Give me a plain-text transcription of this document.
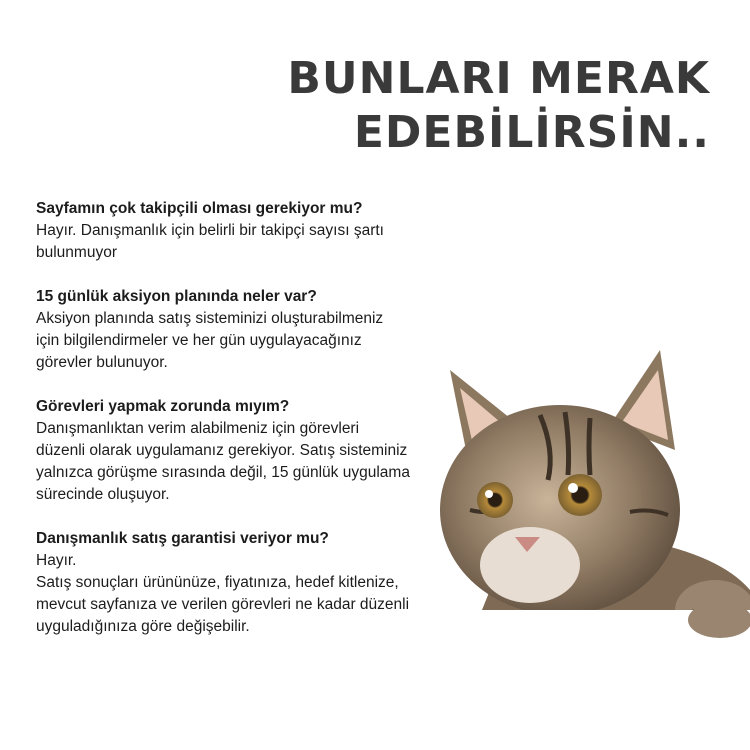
BUNLARI MERAK
EDEBİLİRSİN..

Sayfamın çok takipçili olması gerekiyor mu?

Hayır. Danışmanlık için belirli bir takipçi sayısı şartı

bulunmuyor

15 günlük aksiyon planında neler var?

Aksiyon planında satış sisteminizi oluşturabilmeniz

için bilgilendirmeler ve her gün uygulayacağınız

görevler bulunuyor.

Görevleri yapmak zorunda mıyım?

Danışmanlıktan verim alabilmeniz için görevleri

düzenli olarak uygulamanız gerekiyor. Satış sisteminiz

yalnızca görüşme sırasında değil, 15 günlük uygulama

sürecinde oluşuyor.

Danışmanlık satış garantisi veriyor mu?

Hayır.

Satış sonuçları ürününüze, fiyatınıza, hedef kitlenize,

mevcut sayfanıza ve verilen görevleri ne kadar düzenli

uyguladığınıza göre değişebilir.
